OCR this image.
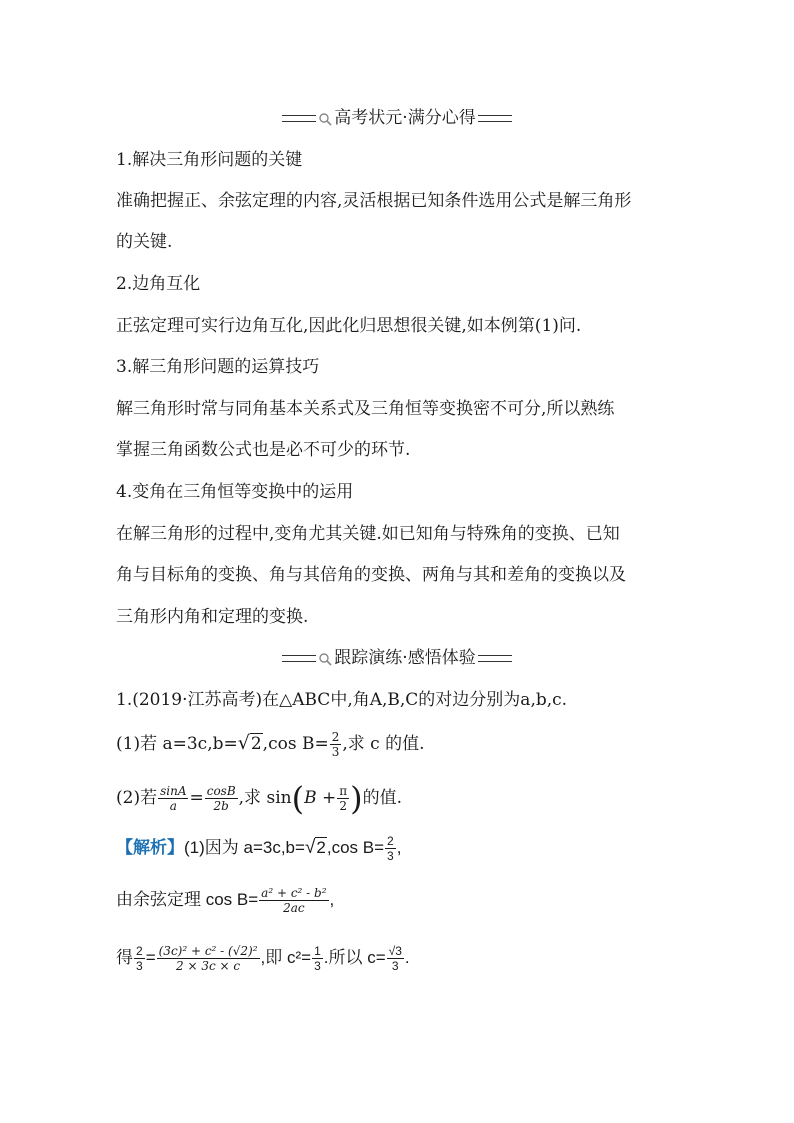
高考状元·满分心得
1.解决三角形问题的关键
准确把握正、余弦定理的内容,灵活根据已知条件选用公式是解三角形
的关键.
2.边角互化
正弦定理可实行边角互化,因此化归思想很关键,如本例第(1)问.
3.解三角形问题的运算技巧
解三角形时常与同角基本关系式及三角恒等变换密不可分,所以熟练
掌握三角函数公式也是必不可少的环节.
4.变角在三角恒等变换中的运用
在解三角形的过程中,变角尤其关键.如已知角与特殊角的变换、已知
角与目标角的变换、角与其倍角的变换、两角与其和差角的变换以及
三角形内角和定理的变换.
跟踪演练·感悟体验
1.(2019·江苏高考)在△ABC中,角A,B,C的对边分别为a,b,c.
(1)若 a=3c,b=√2,cos $B= \frac{2}{3}$ ,求 c 的值.
(2)若 $\frac{\sin A}{a} = \frac{\cos B}{2b}$ ,求 $\sin(B + \frac{\pi}{2}$ )的值.
【解析】(1)因为 a=3c,b=√2,cos $B= \frac{2}{3}$ ,
由余弦定理 $\cos B= \frac{\text{a² + c² - b²}}{2ac}$ ,
得 $\frac{2}{3} = \frac{\text{(3c)² + c² - (√2)²}}{2 \times 3c \times c}$ ,即 $c^2= \frac{1}{3}$ .所以 $c= \frac{√3}{3}$ .
